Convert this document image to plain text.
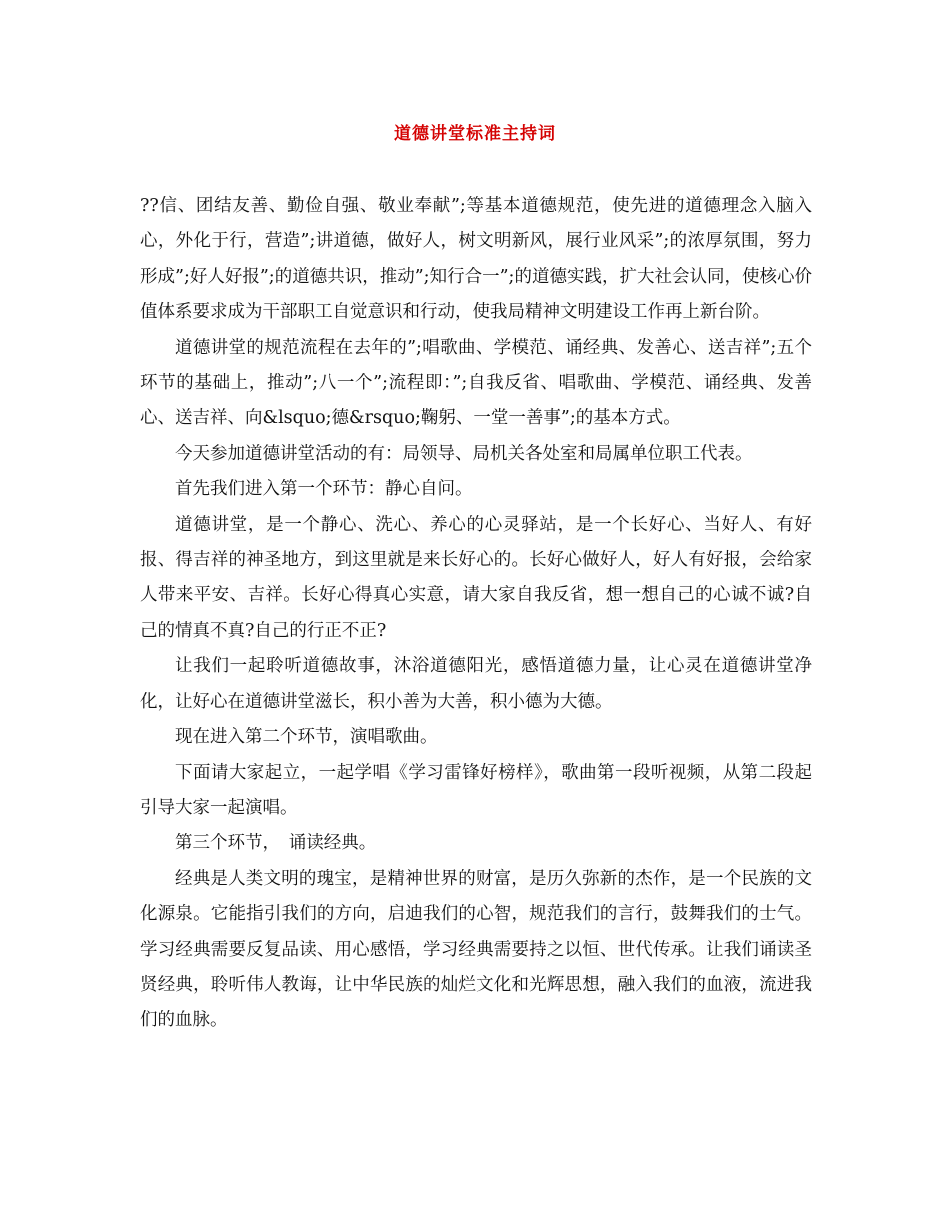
道德讲堂标准主持词

??信、团结友善、勤俭自强、敬业奉献”;等基本道德规范，使先进的道德理念入脑入心，外化于行，营造”;讲道德，做好人，树文明新风，展行业风采”;的浓厚氛围，努力形成”;好人好报”;的道德共识，推动”;知行合一”;的道德实践，扩大社会认同，使核心价值体系要求成为干部职工自觉意识和行动，使我局精神文明建设工作再上新台阶。

道德讲堂的规范流程在去年的”;唱歌曲、学模范、诵经典、发善心、送吉祥”;五个环节的基础上，推动”;八一个”;流程即：”;自我反省、唱歌曲、学模范、诵经典、发善心、送吉祥、向&lsquo;德&rsquo;鞠躬、一堂一善事”;的基本方式。

今天参加道德讲堂活动的有：局领导、局机关各处室和局属单位职工代表。

首先我们进入第一个环节：静心自问。

道德讲堂，是一个静心、洗心、养心的心灵驿站，是一个长好心、当好人、有好报、得吉祥的神圣地方，到这里就是来长好心的。长好心做好人，好人有好报，会给家人带来平安、吉祥。长好心得真心实意，请大家自我反省，想一想自己的心诚不诚?自己的情真不真?自己的行正不正?

让我们一起聆听道德故事，沐浴道德阳光，感悟道德力量，让心灵在道德讲堂净化，让好心在道德讲堂滋长，积小善为大善，积小德为大德。

现在进入第二个环节，演唱歌曲。

下面请大家起立，一起学唱《学习雷锋好榜样》，歌曲第一段听视频，从第二段起引导大家一起演唱。

第三个环节，　诵读经典。

经典是人类文明的瑰宝，是精神世界的财富，是历久弥新的杰作，是一个民族的文化源泉。它能指引我们的方向，启迪我们的心智，规范我们的言行，鼓舞我们的士气。学习经典需要反复品读、用心感悟，学习经典需要持之以恒、世代传承。让我们诵读圣贤经典，聆听伟人教诲，让中华民族的灿烂文化和光辉思想，融入我们的血液，流进我们的血脉。
